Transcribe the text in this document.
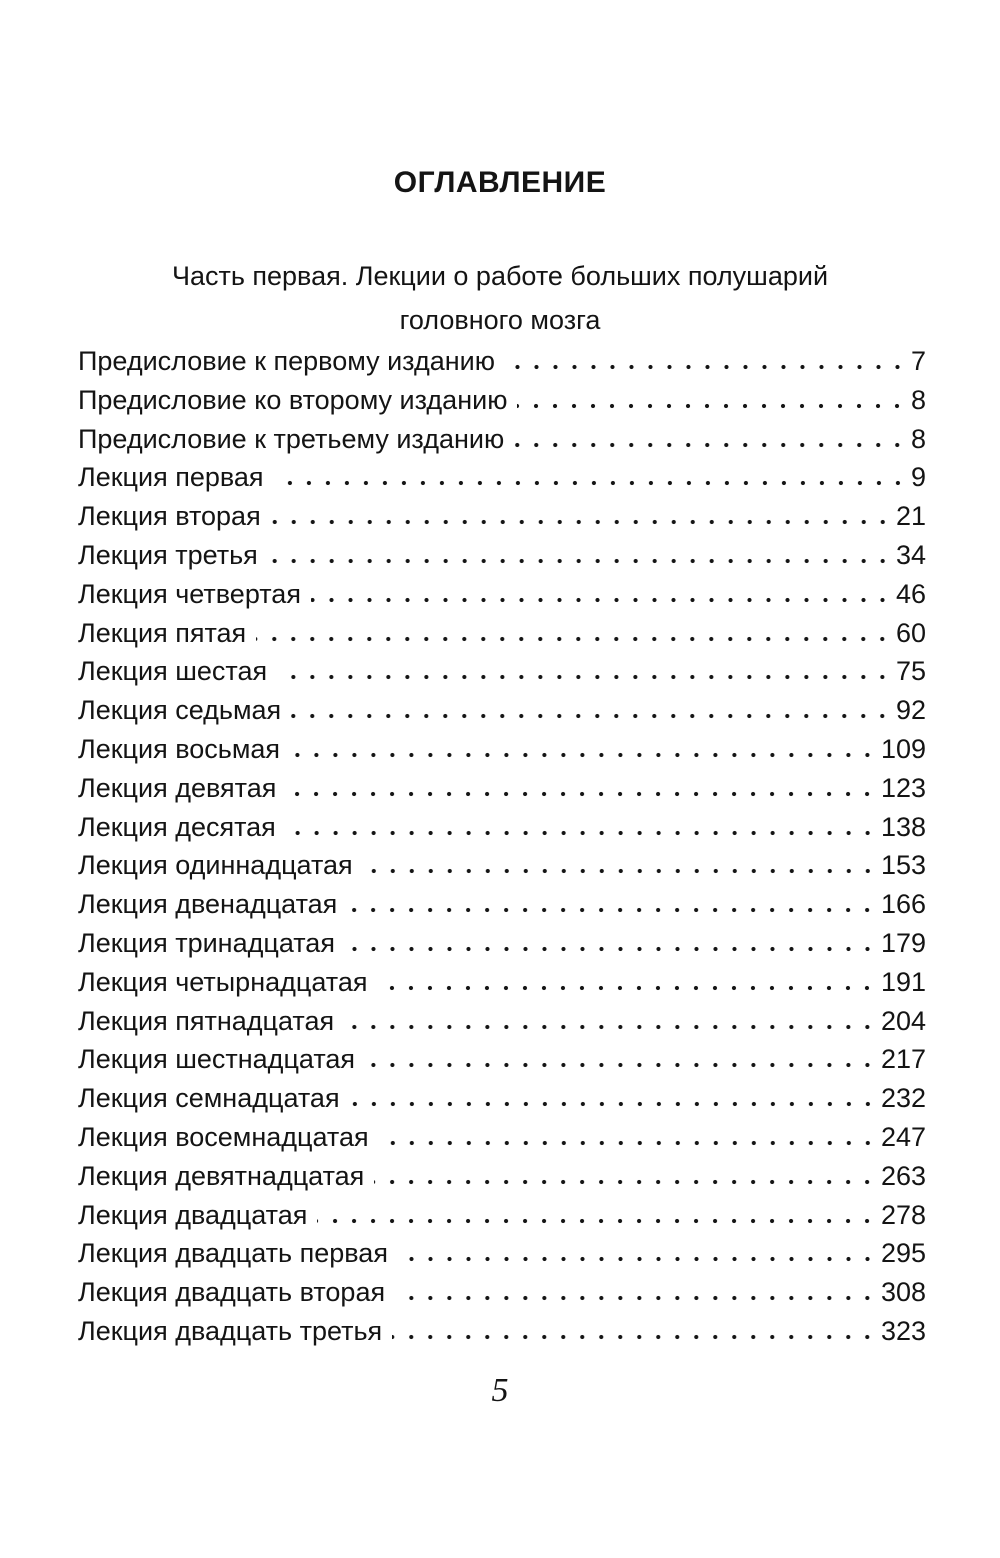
ОГЛАВЛЕНИЕ
Часть первая. Лекции о работе больших полушарий
головного мозга
Предисловие к первому изданию	7
Предисловие ко второму изданию	8
Предисловие к третьему изданию	8
Лекция первая	9
Лекция вторая	21
Лекция третья	34
Лекция четвертая	46
Лекция пятая	60
Лекция шестая	75
Лекция седьмая	92
Лекция восьмая	109
Лекция девятая	123
Лекция десятая	138
Лекция одиннадцатая	153
Лекция двенадцатая	166
Лекция тринадцатая	179
Лекция четырнадцатая	191
Лекция пятнадцатая	204
Лекция шестнадцатая	217
Лекция семнадцатая	232
Лекция восемнадцатая	247
Лекция девятнадцатая	263
Лекция двадцатая	278
Лекция двадцать первая	295
Лекция двадцать вторая	308
Лекция двадцать третья	323
5
